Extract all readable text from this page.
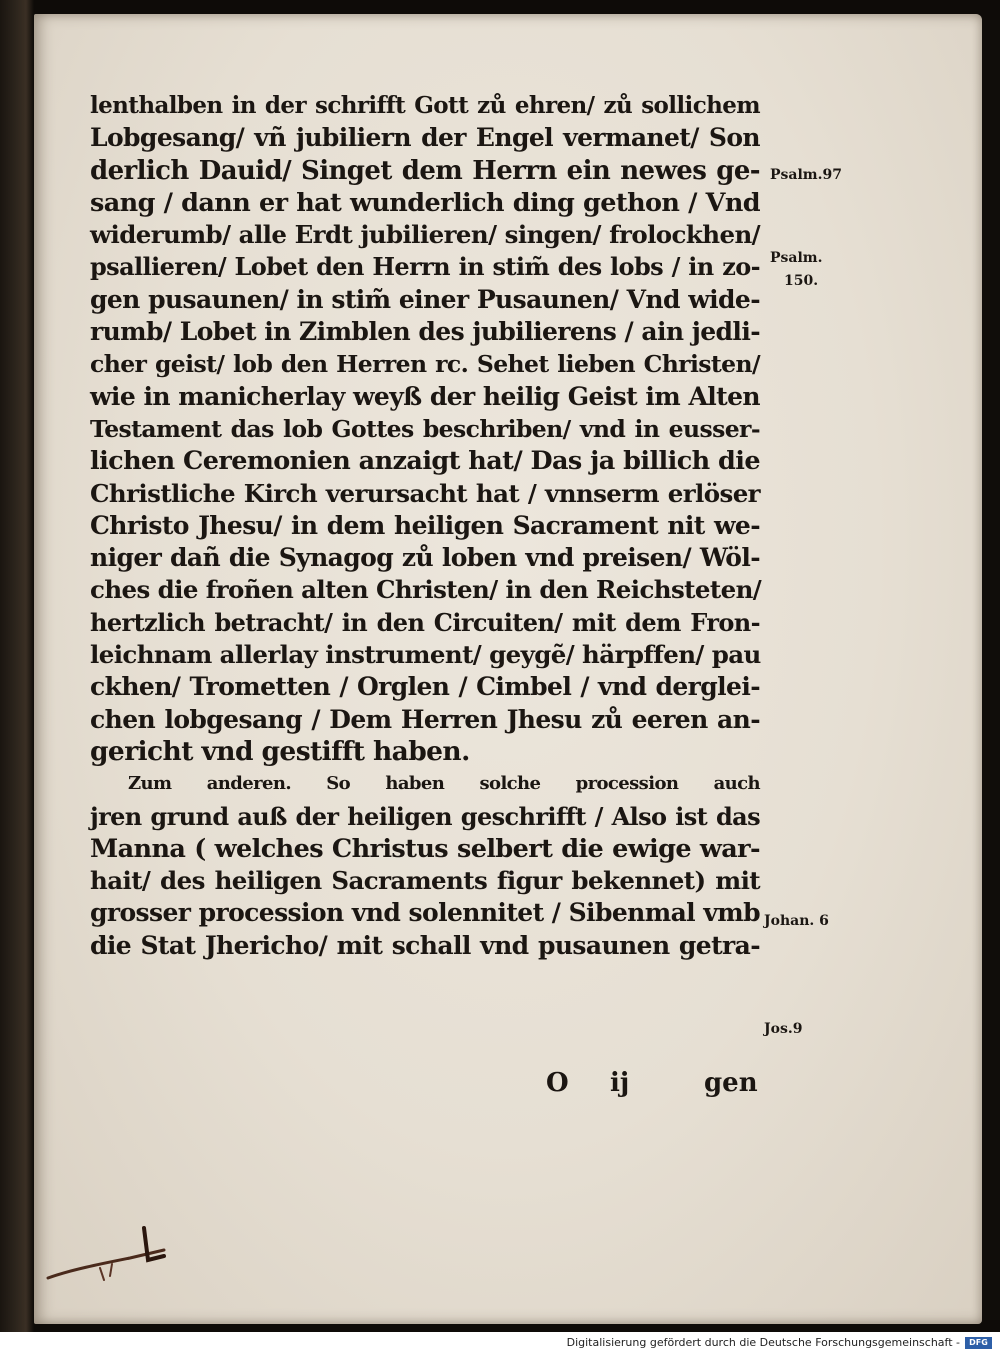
lenthalben in der schrifft Gott zů ehren/ zů sollichem
Lobgesang/ vñ jubiliern der Engel vermanet/ Son
derlich Dauid/ Singet dem Herrn ein newes ge-
sang / dann er hat wunderlich ding gethon / Vnd
widerumb/ alle Erdt jubilieren/ singen/ frolockhen/
psallieren/ Lobet den Herrn in stim̃ des lobs / in zo-
gen pusaunen/ in stim̃ einer Pusaunen/ Vnd wide-
rumb/ Lobet in Zimblen des jubilierens / ain jedli-
cher geist/ lob den Herren rc. Sehet lieben Christen/
wie in manicherlay weyß der heilig Geist im Alten
Testament das lob Gottes beschriben/ vnd in eusser-
lichen Ceremonien anzaigt hat/ Das ja billich die
Christliche Kirch verursacht hat / vnnserm erlöser
Christo Jhesu/ in dem heiligen Sacrament nit we-
niger dañ die Synagog zů loben vnd preisen/ Wöl-
ches die froñen alten Christen/ in den Reichsteten/
hertzlich betracht/ in den Circuiten/ mit dem Fron-
leichnam allerlay instrument/ geygẽ/ härpffen/ pau
ckhen/ Trometten / Orglen / Cimbel / vnd derglei-
chen lobgesang / Dem Herren Jhesu zů eeren an-
gericht vnd gestifft haben.
Zum anderen. So haben solche procession auch
jren grund auß der heiligen geschrifft / Also ist das
Manna ( welches Christus selbert die ewige war-
hait/ des heiligen Sacraments figur bekennet) mit
grosser procession vnd solennitet / Sibenmal vmb
die Stat Jhericho/ mit schall vnd pusaunen getra-
Psalm.97
Psalm.
150.
Johan. 6
Jos.9
O ij	gen
Digitalisierung gefördert durch die Deutsche Forschungsgemeinschaft -	DFG
